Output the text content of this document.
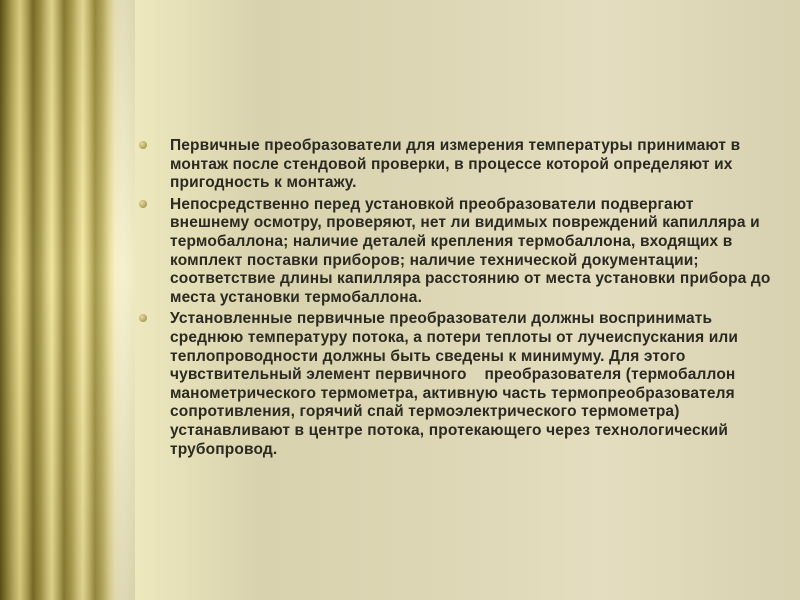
Первичные преобразователи для измерения температуры принимают в монтаж после стендовой проверки, в процессе которой определяют их пригодность к монтажу.
Непосредственно перед установкой преобразователи подвергают внешнему осмотру, проверяют, нет ли видимых повреждений капилляра и термобаллона; наличие деталей крепления термобаллона, входящих в комплект поставки приборов; наличие технической документации; соответствие длины капилляра расстоянию от места установки прибора до места установки термобаллона.
Установленные первичные преобразователи должны воспринимать среднюю температуру потока, а потери теплоты от лучеиспускания или теплопроводности должны быть сведены к минимуму. Для этого чувствительный элемент первичного    преобразователя (термобаллон манометрического термометра, активную часть термопреобразователя сопротивления, горячий спай термоэлектрического термометра) устанавливают в центре потока, протекающего через технологический трубопровод.
